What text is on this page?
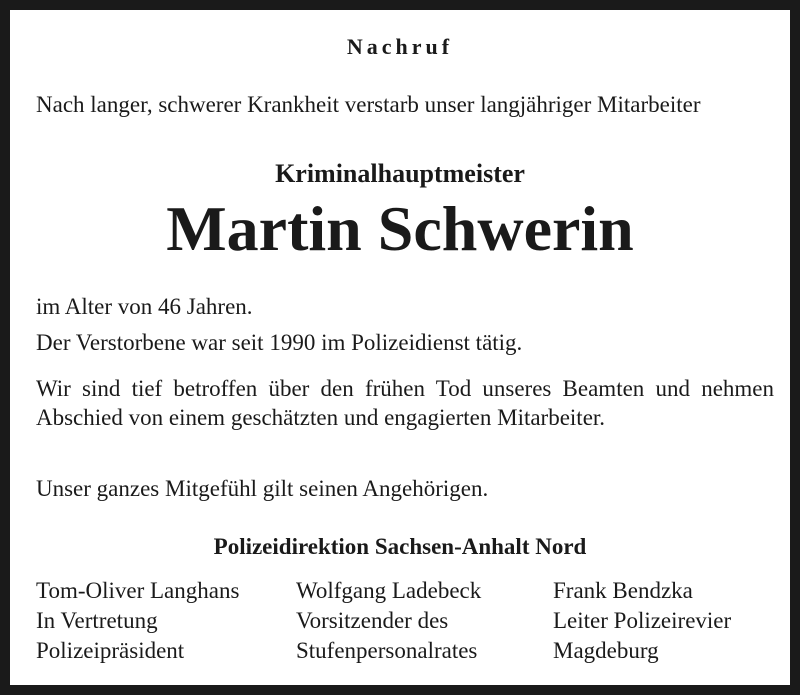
Nachruf
Nach langer, schwerer Krankheit verstarb unser langjähriger Mitarbeiter
Kriminalhauptmeister
Martin Schwerin
im Alter von 46 Jahren.
Der Verstorbene war seit 1990 im Polizeidienst tätig.
Wir sind tief betroffen über den frühen Tod unseres Beamten und nehmen Abschied von einem geschätzten und engagierten Mitarbeiter.
Unser ganzes Mitgefühl gilt seinen Angehörigen.
Polizeidirektion Sachsen-Anhalt Nord
Tom-Oliver Langhans
In Vertretung
Polizeipräsident
Wolfgang Ladebeck
Vorsitzender des
Stufenpersonalrates
Frank Bendzka
Leiter Polizeirevier
Magdeburg
